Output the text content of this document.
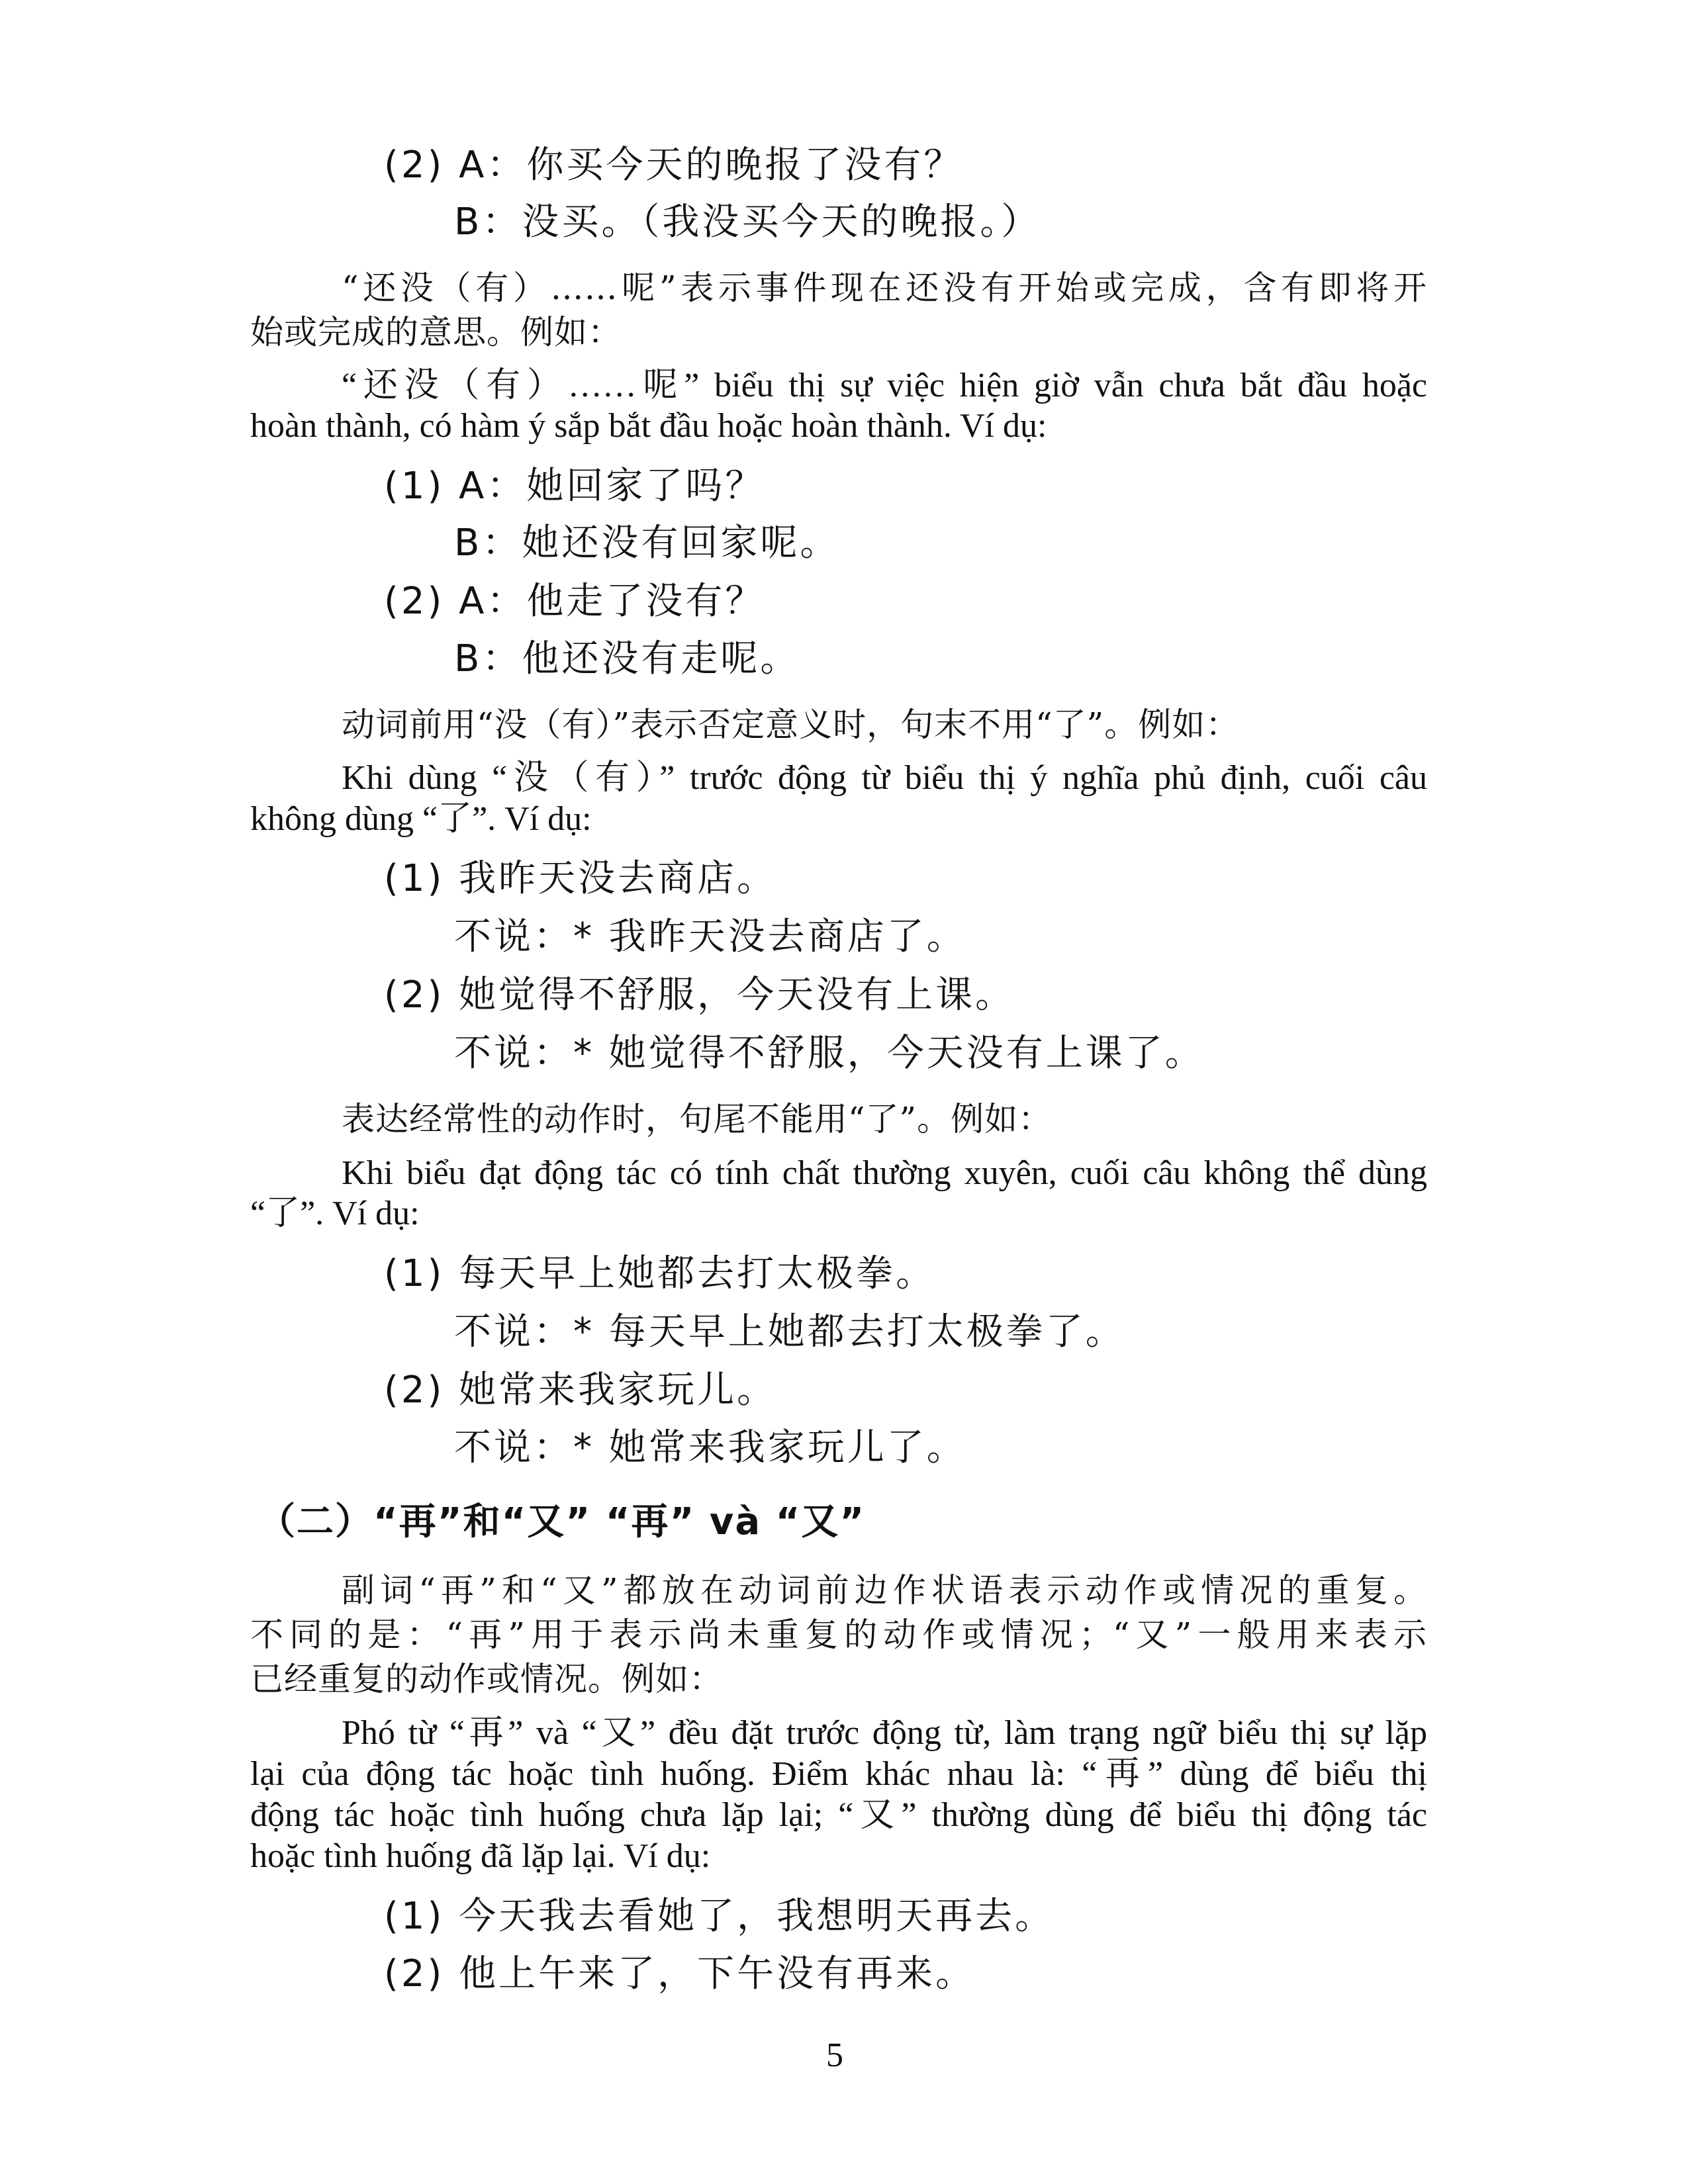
(2) A：你买今天的晚报了没有？
B：没买。（我没买今天的晚报。）
“还没（有）……呢”表示事件现在还没有开始或完成，含有即将开
始或完成的意思。例如：
“还没（有）……呢” biểu thị sự việc hiện giờ vẫn chưa bắt đầu hoặc
hoàn thành, có hàm ý sắp bắt đầu hoặc hoàn thành. Ví dụ:
(1) A：她回家了吗？
B：她还没有回家呢。
(2) A：他走了没有？
B：他还没有走呢。
动词前用“没（有）”表示否定意义时，句末不用“了”。例如：
Khi dùng “没（有）” trước động từ biểu thị ý nghĩa phủ định, cuối câu
không dùng “了”. Ví dụ:
(1) 我昨天没去商店。
不说：* 我昨天没去商店了。
(2) 她觉得不舒服，今天没有上课。
不说：* 她觉得不舒服，今天没有上课了。
表达经常性的动作时，句尾不能用“了”。例如：
Khi biểu đạt động tác có tính chất thường xuyên, cuối câu không thể dùng
“了”. Ví dụ:
(1) 每天早上她都去打太极拳。
不说：* 每天早上她都去打太极拳了。
(2) 她常来我家玩儿。
不说：* 她常来我家玩儿了。
（二）“再”和“又” “再” và “又”
副词“再”和“又”都放在动词前边作状语表示动作或情况的重复。
不同的是：“再”用于表示尚未重复的动作或情况；“又”一般用来表示
已经重复的动作或情况。例如：
Phó từ “再” và “又” đều đặt trước động từ, làm trạng ngữ biểu thị sự lặp
lại của động tác hoặc tình huống. Điểm khác nhau là: “再” dùng để biểu thị
động tác hoặc tình huống chưa lặp lại; “又” thường dùng để biểu thị động tác
hoặc tình huống đã lặp lại. Ví dụ:
(1) 今天我去看她了，我想明天再去。
(2) 他上午来了，下午没有再来。
5
